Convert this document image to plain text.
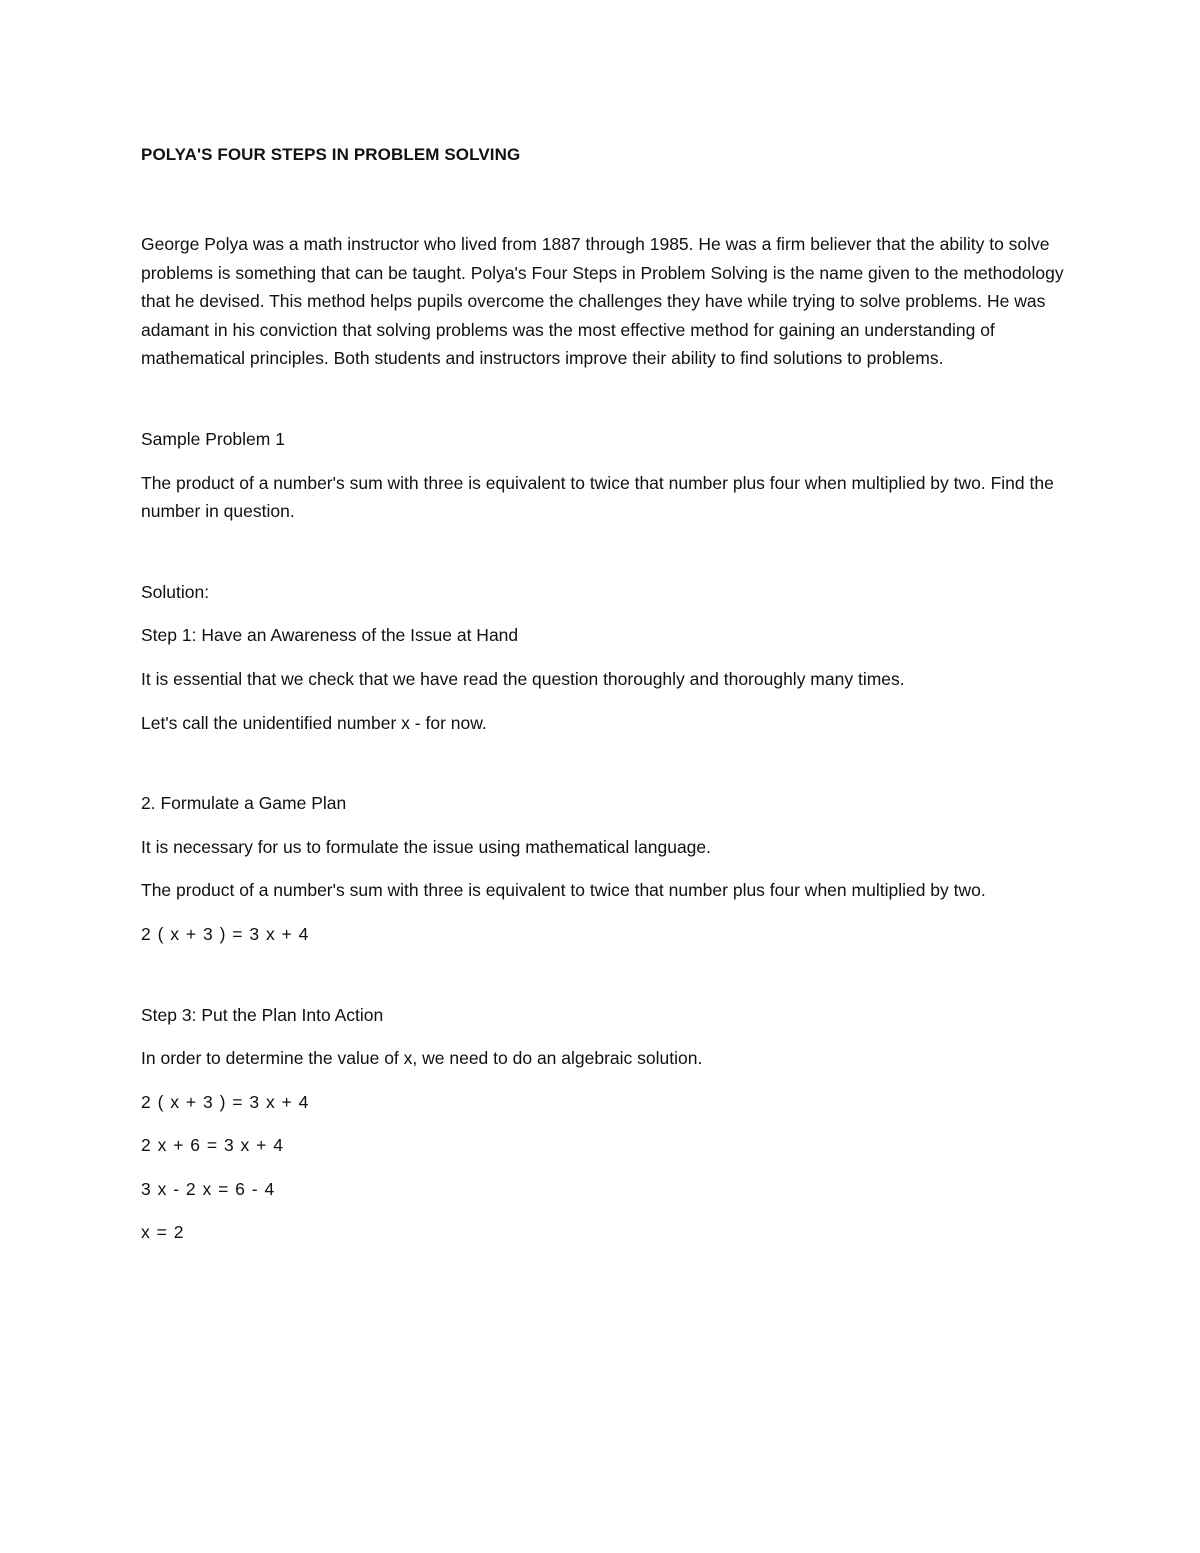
POLYA'S FOUR STEPS IN PROBLEM SOLVING

George Polya was a math instructor who lived from 1887 through 1985. He was a firm believer that the ability to solve problems is something that can be taught. Polya's Four Steps in Problem Solving is the name given to the methodology that he devised. This method helps pupils overcome the challenges they have while trying to solve problems. He was adamant in his conviction that solving problems was the most effective method for gaining an understanding of mathematical principles. Both students and instructors improve their ability to find solutions to problems.

Sample Problem 1

The product of a number's sum with three is equivalent to twice that number plus four when multiplied by two. Find the number in question.

Solution:

Step 1: Have an Awareness of the Issue at Hand

It is essential that we check that we have read the question thoroughly and thoroughly many times.

Let's call the unidentified number x - for now.

2. Formulate a Game Plan

It is necessary for us to formulate the issue using mathematical language.

The product of a number's sum with three is equivalent to twice that number plus four when multiplied by two.

2 ( x + 3 ) = 3 x + 4

Step 3: Put the Plan Into Action

In order to determine the value of x, we need to do an algebraic solution.

2 ( x + 3 ) = 3 x + 4

2 x + 6 = 3 x + 4

3 x - 2 x = 6 - 4

x = 2
